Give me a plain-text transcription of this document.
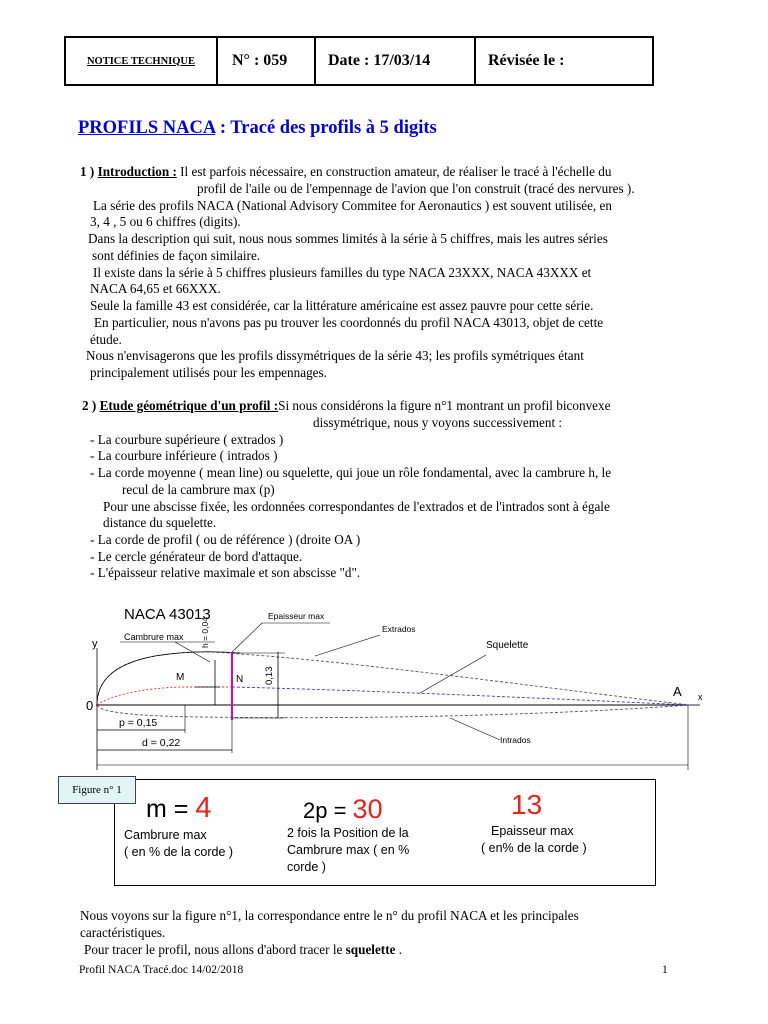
NOTICE TECHNIQUE N° : 059	Date : 17/03/14	Révisée le :
PROFILS NACA : Tracé des profils à 5 digits
1 ) Introduction : Il est parfois nécessaire, en construction amateur, de réaliser le tracé à l'échelle du
profil de l'aile ou de l'empennage de l'avion que l'on construit (tracé des nervures ).
La série des profils NACA (National Advisory Commitee for Aeronautics ) est souvent utilisée, en
3, 4 , 5 ou 6 chiffres (digits).
Dans la description qui suit, nous nous sommes limités à la série à 5 chiffres, mais les autres séries
sont définies de façon similaire.
Il existe dans la série à 5 chiffres plusieurs familles du type NACA 23XXX, NACA 43XXX et
NACA 64,65 et 66XXX.
Seule la famille 43 est considérée, car la littérature américaine est assez pauvre pour cette série.
En particulier, nous n'avons pas pu trouver les coordonnés du profil NACA 43013, objet de cette
étude.
Nous n'envisagerons que les profils dissymétriques de la série 43; les profils symétriques étant
principalement utilisés pour les empennages.
2 ) Etude géométrique d'un profil :Si nous considérons la figure n°1 montrant un profil biconvexe
dissymétrique, nous y voyons successivement :
- La courbure supérieure ( extrados )
- La courbure inférieure ( intrados )
- La corde moyenne ( mean line) ou squelette, qui joue un rôle fondamental, avec la cambrure h, le
recul de la cambrure max (p)
Pour une abscisse fixée, les ordonnées correspondantes de l'extrados et de l'intrados sont à égale
distance du squelette.
- La corde de profil ( ou de référence ) (droite OA )
- Le cercle générateur de bord d'attaque.
- L'épaisseur relative maximale et son abscisse "d".
NACA 43013	Epaisseur max
Extrados
Squelette
Cambrure max h = 0,04
0,13
y
M	N
A x
0
p = 0,15
d = 0,22	Intrados
Figure n° 1
m = 4
Cambrure max
( en % de la corde )
2p = 30
2 fois la Position de la
Cambrure max ( en %
corde )
13
Epaisseur max
( en% de la corde )
Nous voyons sur la figure n°1, la correspondance entre le n° du profil NACA et les principales
caractéristiques.
Pour tracer le profil, nous allons d'abord tracer le squelette .
Profil NACA Tracé.doc 14/02/2018	1
